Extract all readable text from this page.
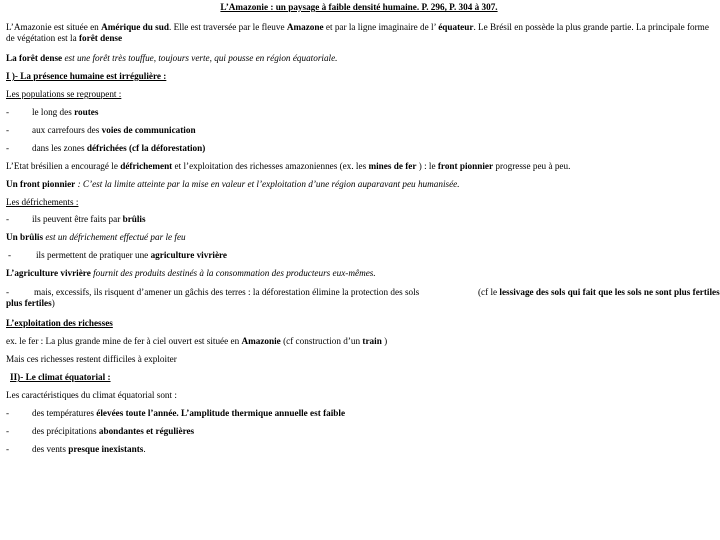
L’Amazonie : un paysage à faible densité humaine. P. 296, P. 304 à 307.
L’Amazonie est située en Amérique du sud. Elle est traversée par le fleuve Amazone et par la ligne imaginaire de l’ équateur. Le Brésil en possède la plus grande partie. La principale forme de végétation est la forêt dense
La forêt dense est une forêt très touffue, toujours verte, qui pousse en région équatoriale.
I )- La présence humaine est irrégulière :
Les populations se regroupent :
- le long des routes
- aux carrefours des voies de communication
- dans les zones défrichées (cf la déforestation)
L’Etat brésilien a encouragé le défrichement et l’exploitation des richesses amazoniennes (ex. les mines de fer ) : le front pionnier progresse peu à peu.
Un front pionnier : C’est la limite atteinte par la mise en valeur et l’exploitation d’une région auparavant peu humanisée.
Les défrichements :
- ils peuvent être faits par brûlis
Un brûlis est un défrichement effectué par le feu
-	ils permettent de pratiquer une agriculture vivrière
L’agriculture vivrière fournit des produits destinés à la consommation des producteurs eux-mêmes.
-	mais, excessifs, ils risquent d’amener un gâchis des terres : la déforestation élimine la protection des sols	(cf le lessivage des sols qui fait que les sols ne sont plus fertiles
plus fertiles)
L’exploitation des richesses
ex. le fer : La plus grande mine de fer à ciel ouvert est située en Amazonie (cf construction d’un train )
Mais ces richesses restent difficiles à exploiter
II)- Le climat équatorial :
Les caractéristiques du climat équatorial sont :
- des températures élevées toute l’année. L’amplitude thermique annuelle est faible
- des précipitations abondantes et régulières
- des vents presque inexistants.
